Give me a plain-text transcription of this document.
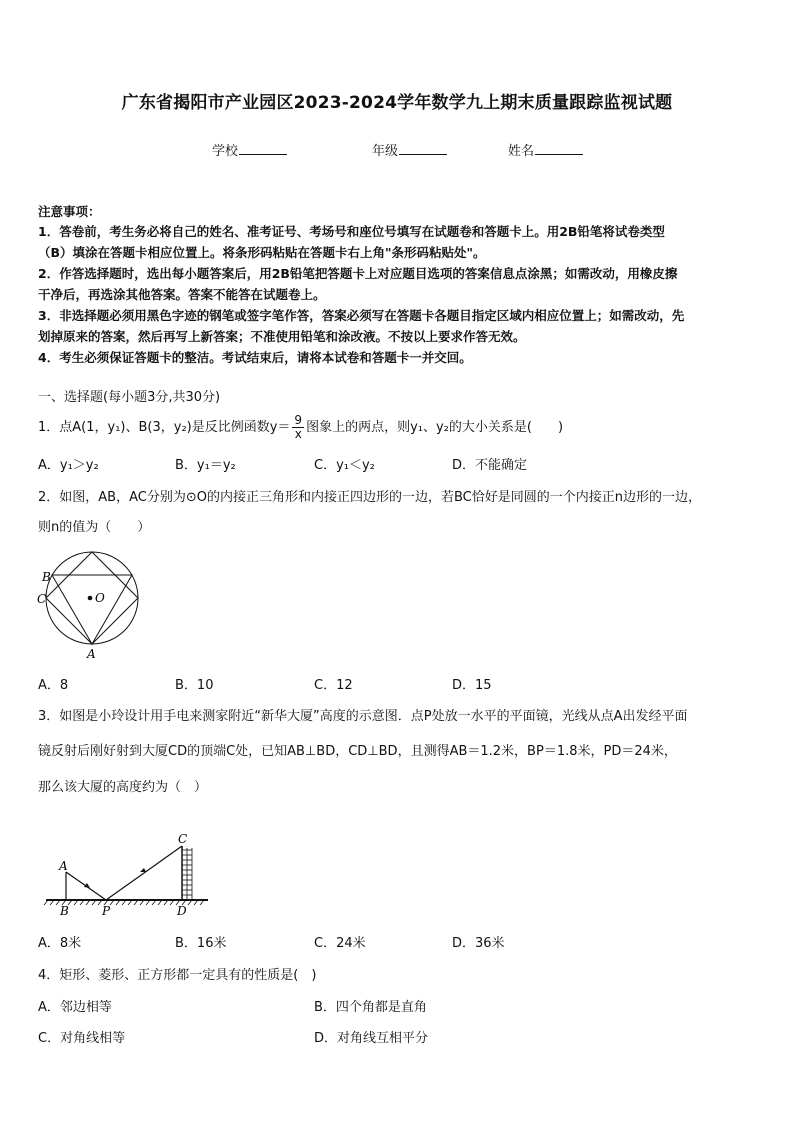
广东省揭阳市产业园区2023-2024学年数学九上期末质量跟踪监视试题
学校	年级	姓名
注意事项：
1．答卷前，考生务必将自己的姓名、准考证号、考场号和座位号填写在试题卷和答题卡上。用2B铅笔将试卷类型
（B）填涂在答题卡相应位置上。将条形码粘贴在答题卡右上角"条形码粘贴处"。
2．作答选择题时，选出每小题答案后，用2B铅笔把答题卡上对应题目选项的答案信息点涂黑；如需改动，用橡皮擦
干净后，再选涂其他答案。答案不能答在试题卷上。
3．非选择题必须用黑色字迹的钢笔或签字笔作答，答案必须写在答题卡各题目指定区域内相应位置上；如需改动，先
划掉原来的答案，然后再写上新答案；不准使用铅笔和涂改液。不按以上要求作答无效。
4．考生必须保证答题卡的整洁。考试结束后，请将本试卷和答题卡一并交回。
一、选择题(每小题3分,共30分)
1．点A(1，y₁)、B(3，y₂)是反比例函数$y= \frac{9}{x}$ 图象上的两点，则y₁、y₂的大小关系是(　　)
A．y₁＞y₂	B．y₁＝y₂	C．y₁＜y₂	D．不能确定
2．如图，AB，AC分别为⊙O的内接正三角形和内接正四边形的一边，若BC恰好是同圆的一个内接正n边形的一边，
则n的值为（　　）
B
C	O
A
A．8	B．10	C．12	D．15
3．如图是小玲设计用手电来测家附近“新华大厦”高度的示意图．点P处放一水平的平面镜，光线从点A出发经平面
镜反射后刚好射到大厦CD的顶端C处，已知AB⊥BD，CD⊥BD，且测得AB＝1.2米，BP＝1.8米，PD＝24米，
那么该大厦的高度约为（　）
A
B	P
C
D
A．8米	B．16米	C．24米	D．36米
4．矩形、菱形、正方形都一定具有的性质是(　)
A．邻边相等	B．四个角都是直角
C．对角线相等	D．对角线互相平分
